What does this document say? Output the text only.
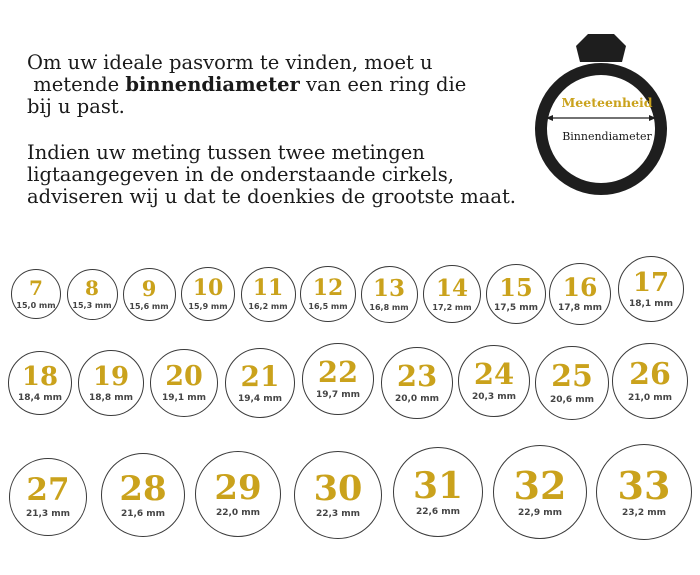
Om uw ideale pasvorm te vinden, moet u
metende binnendiameter van een ring die
bij u past.

Indien uw meting tussen twee metingen
ligtaangegeven in de onderstaande cirkels,
adviseren wij u dat te doenkies de grootste maat.

Meeteenheid
Binnendiameter
7
15,0 mm
8
15,3 mm
9
15,6 mm
10
15,9 mm
11
16,2 mm
12
16,5 mm
13
16,8 mm
14
17,2 mm
15
17,5 mm
16
17,8 mm
17
18,1 mm
18
18,4 mm
19
18,8 mm
20
19,1 mm
21
19,4 mm
22
19,7 mm
23
20,0 mm
24
20,3 mm
25
20,6 mm
26
21,0 mm
27
21,3 mm
28
21,6 mm
29
22,0 mm
30
22,3 mm
31
22,6 mm
32
22,9 mm
33
23,2 mm
